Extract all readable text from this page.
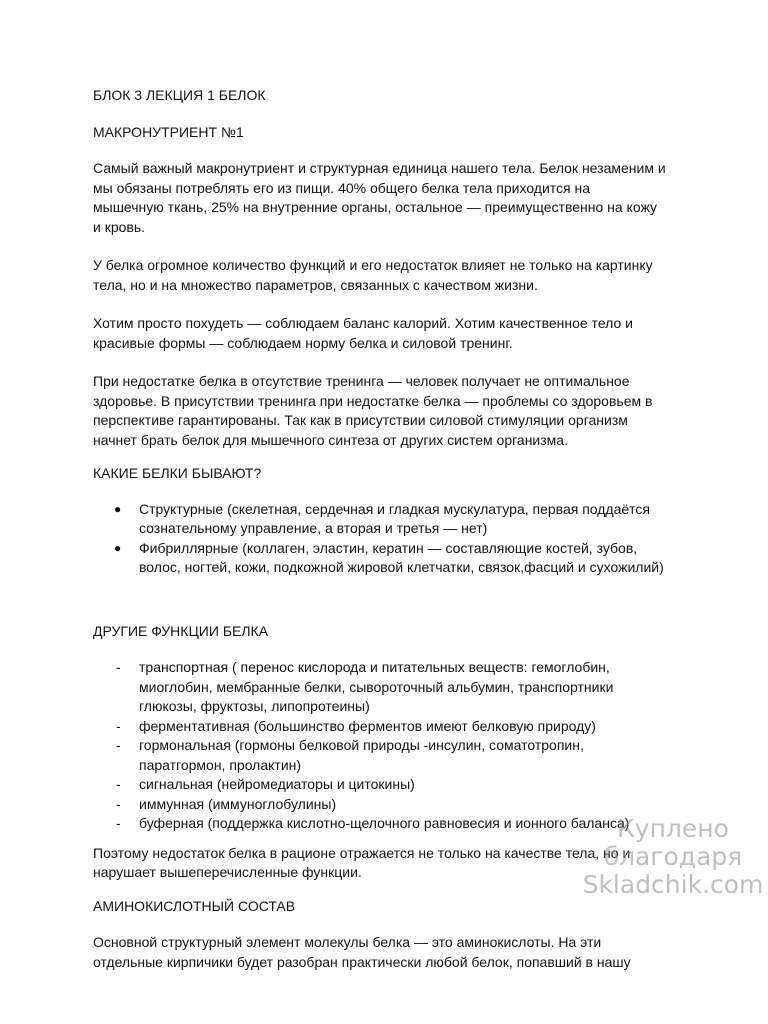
БЛОК 3 ЛЕКЦИЯ 1 БЕЛОК
МАКРОНУТРИЕНТ №1
Самый важный макронутриент и структурная единица нашего тела. Белок незаменим и
мы обязаны потреблять его из пищи. 40% общего белка тела приходится на
мышечную ткань, 25% на внутренние органы, остальное — преимущественно на кожу
и кровь.
У белка огромное количество функций и его недостаток влияет не только на картинку
тела, но и на множество параметров, связанных с качеством жизни.
Хотим просто похудеть — соблюдаем баланс калорий. Хотим качественное тело и
красивые формы — соблюдаем норму белка и силовой тренинг.
При недостатке белка в отсутствие тренинга — человек получает не оптимальное
здоровье. В присутствии тренинга при недостатке белка — проблемы со здоровьем в
перспективе гарантированы. Так как в присутствии силовой стимуляции организм
начнет брать белок для мышечного синтеза от других систем организма.
КАКИЕ БЕЛКИ БЫВАЮТ?
● Структурные (скелетная, сердечная и гладкая мускулатура, первая поддаётся
сознательному управление, а вторая и третья — нет)
● Фибриллярные (коллаген, эластин, кератин — составляющие костей, зубов,
волос, ногтей, кожи, подкожной жировой клетчатки, связок,фасций и сухожилий)
ДРУГИЕ ФУНКЦИИ БЕЛКА
- транспортная ( перенос кислорода и питательных веществ: гемоглобин,
миоглобин, мембранные белки, сывороточный альбумин, транспортники
глюкозы, фруктозы, липопротеины)
- ферментативная (большинство ферментов имеют белковую природу)
- гормональная (гормоны белковой природы -инсулин, соматотропин,
паратгормон, пролактин)
- сигнальная (нейромедиаторы и цитокины)
- иммунная (иммуноглобулины)
- буферная (поддержка кислотно-щелочного равновесия и ионного баланса)
Поэтому недостаток белка в рационе отражается не только на качестве тела, но и
нарушает вышеперечисленные функции.
АМИНОКИСЛОТНЫЙ СОСТАВ
Основной структурный элемент молекулы белка — это аминокислоты. На эти
отдельные кирпичики будет разобран практически любой белок, попавший в нашу
Куплено
благодаря
Skladchik.com
